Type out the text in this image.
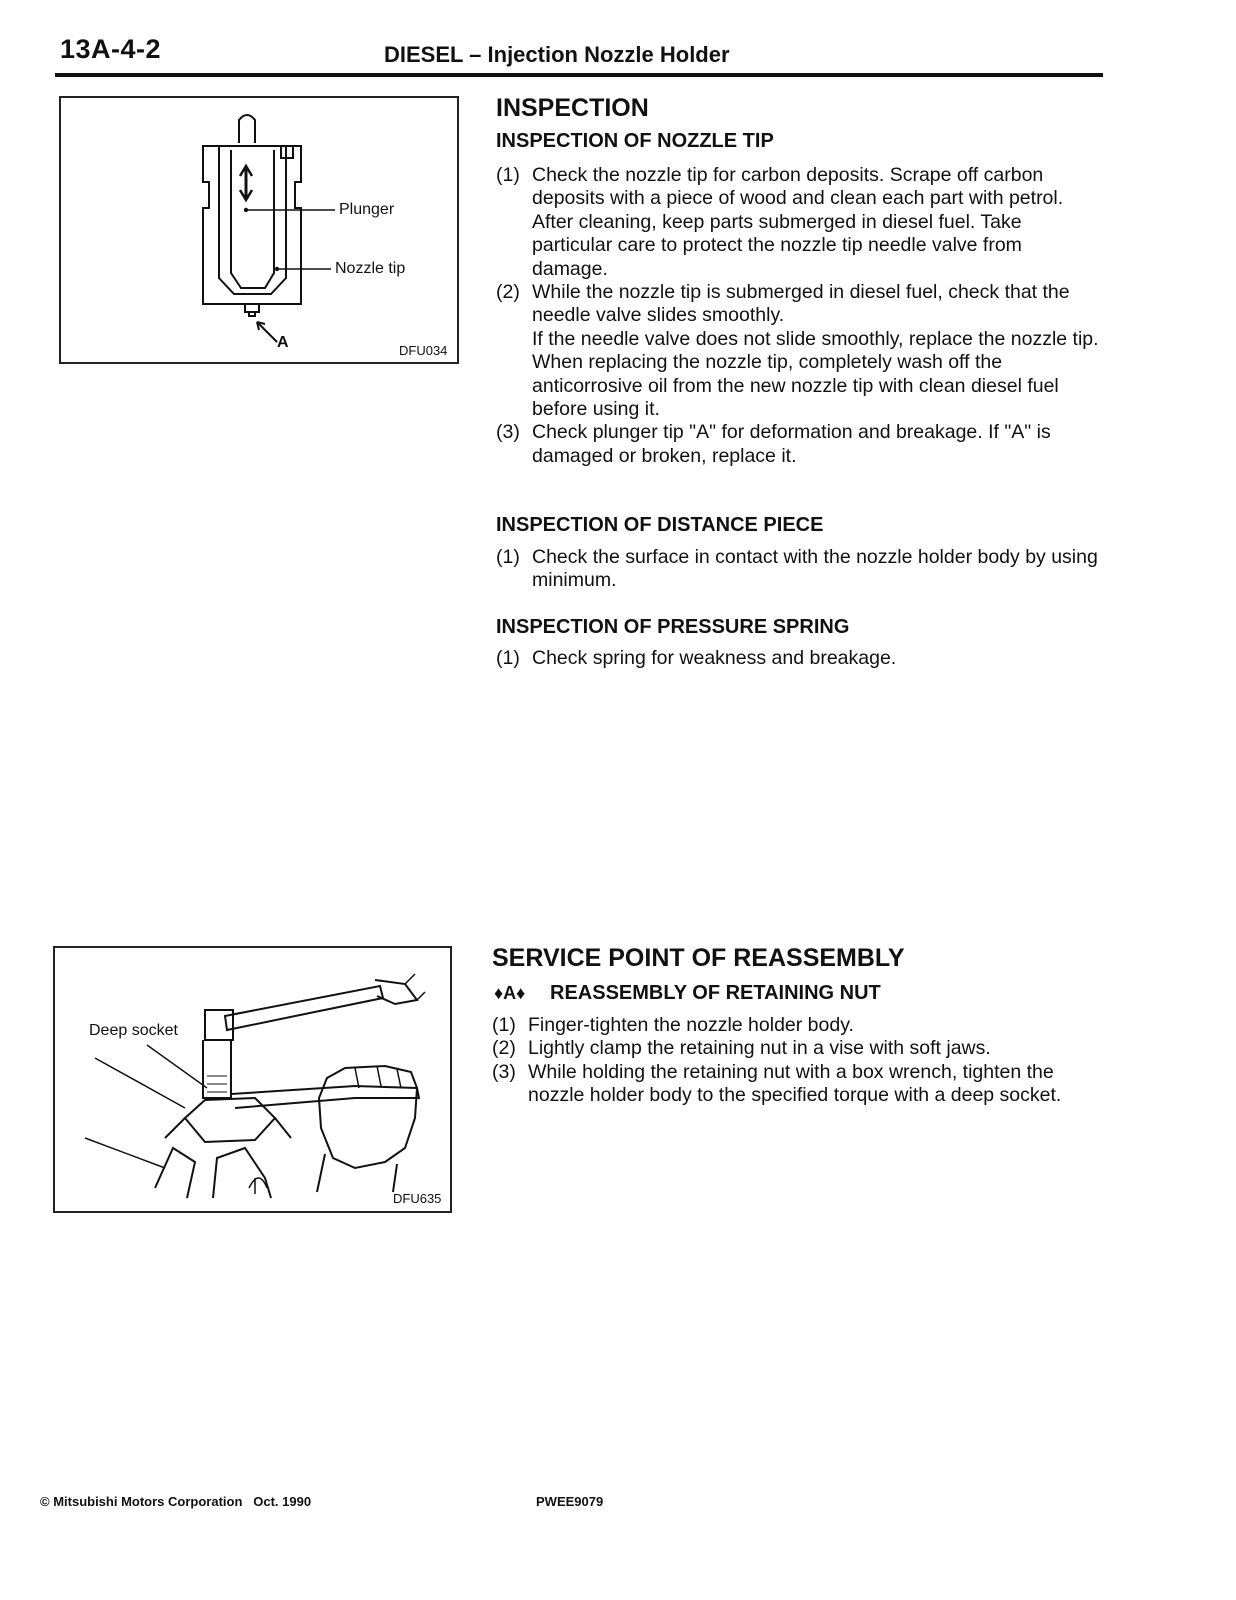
13A-4-2	DIESEL – Injection Nozzle Holder
Plunger
Nozzle tip
A	DFU034
Deep socket
DFU635
INSPECTION
INSPECTION OF NOZZLE TIP
(1) Check the nozzle tip for carbon deposits. Scrape off carbon deposits with a piece of wood and clean each part with petrol. After cleaning, keep parts submerged in diesel fuel. Take particular care to protect the nozzle tip needle valve from damage.
(2) While the nozzle tip is submerged in diesel fuel, check that the needle valve slides smoothly.
If the needle valve does not slide smoothly, replace the nozzle tip.
When replacing the nozzle tip, completely wash off the anticorrosive oil from the new nozzle tip with clean diesel fuel before using it.
(3) Check plunger tip "A" for deformation and breakage. If "A" is damaged or broken, replace it.
INSPECTION OF DISTANCE PIECE
(1) Check the surface in contact with the nozzle holder body by using minimum.
INSPECTION OF PRESSURE SPRING
(1) Check spring for weakness and breakage.
SERVICE POINT OF REASSEMBLY
♦A♦ REASSEMBLY OF RETAINING NUT
(1) Finger-tighten the nozzle holder body.
(2) Lightly clamp the retaining nut in a vise with soft jaws.
(3) While holding the retaining nut with a box wrench, tighten the nozzle holder body to the specified torque with a deep socket.
© Mitsubishi Motors Corporation   Oct. 1990	PWEE9079
